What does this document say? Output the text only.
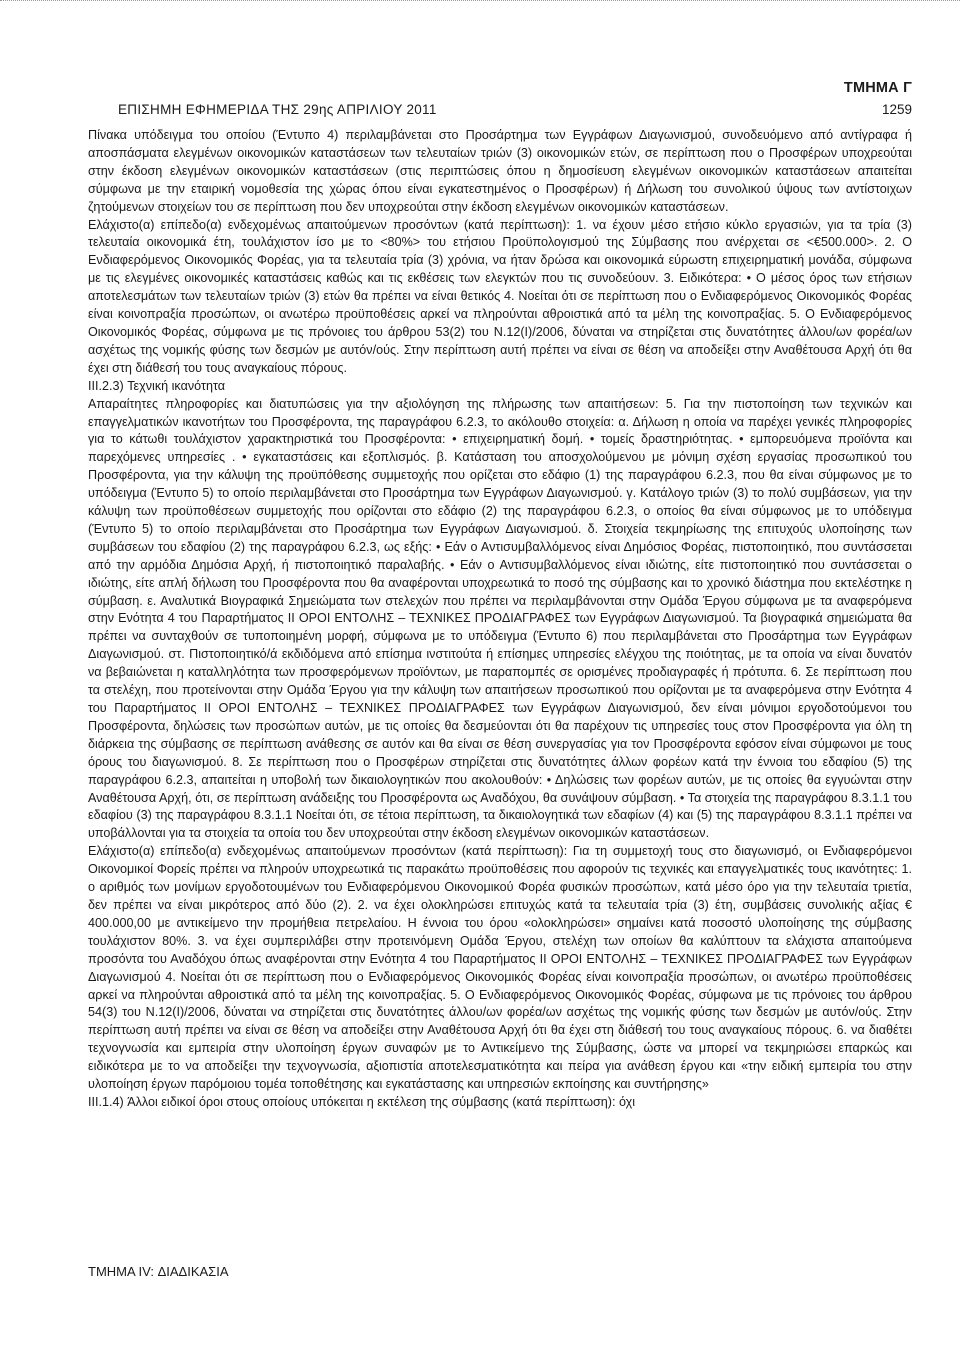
ΤΜΗΜΑ Γ
ΕΠΙΣΗΜΗ ΕΦΗΜΕΡΙΔΑ ΤΗΣ 29ης ΑΠΡΙΛΙΟΥ 2011	1259

Πίνακα υπόδειγμα του οποίου (Έντυπο 4) περιλαμβάνεται στο Προσάρτημα των Εγγράφων Διαγωνισμού, συνοδευόμενο από αντίγραφα ή αποσπάσματα ελεγμένων οικονομικών καταστάσεων των τελευταίων τριών (3) οικονομικών ετών, σε περίπτωση που ο Προσφέρων υποχρεούται στην έκδοση ελεγμένων οικονομικών καταστάσεων (στις περιπτώσεις όπου η δημοσίευση ελεγμένων οικονομικών καταστάσεων απαιτείται σύμφωνα με την εταιρική νομοθεσία της χώρας όπου είναι εγκατεστημένος ο Προσφέρων) ή Δήλωση του συνολικού ύψους των αντίστοιχων ζητούμενων στοιχείων του σε περίπτωση που δεν υποχρεούται στην έκδοση ελεγμένων οικονομικών καταστάσεων.

Ελάχιστο(α) επίπεδο(α) ενδεχομένως απαιτούμενων προσόντων (κατά περίπτωση): 1. να έχουν μέσο ετήσιο κύκλο εργασιών, για τα τρία (3) τελευταία οικονομικά έτη, τουλάχιστον ίσο με το <80%> του ετήσιου Προϋπολογισμού της Σύμβασης που ανέρχεται σε <€500.000>. 2. Ο Ενδιαφερόμενος Οικονομικός Φορέας, για τα τελευταία τρία (3) χρόνια, να ήταν δρώσα και οικονομικά εύρωστη επιχειρηματική μονάδα, σύμφωνα με τις ελεγμένες οικονομικές καταστάσεις καθώς και τις εκθέσεις των ελεγκτών που τις συνοδεύουν. 3. Ειδικότερα: • Ο μέσος όρος των ετήσιων αποτελεσμάτων των τελευταίων τριών (3) ετών θα πρέπει να είναι θετικός 4. Νοείται ότι σε περίπτωση που ο Ενδιαφερόμενος Οικονομικός Φορέας είναι κοινοπραξία προσώπων, οι ανωτέρω προϋποθέσεις αρκεί να πληρούνται αθροιστικά από τα μέλη της κοινοπραξίας. 5. Ο Ενδιαφερόμενος Οικονομικός Φορέας, σύμφωνα με τις πρόνοιες του άρθρου 53(2) του N.12(I)/2006, δύναται να στηρίζεται στις δυνατότητες άλλου/ων φορέα/ων ασχέτως της νομικής φύσης των δεσμών με αυτόν/ούς. Στην περίπτωση αυτή πρέπει να είναι σε θέση να αποδείξει στην Αναθέτουσα Αρχή ότι θα έχει στη διάθεσή του τους αναγκαίους πόρους.

III.2.3) Τεχνική ικανότητα

Απαραίτητες πληροφορίες και διατυπώσεις για την αξιολόγηση της πλήρωσης των απαιτήσεων: 5. Για την πιστοποίηση των τεχνικών και επαγγελματικών ικανοτήτων του Προσφέροντα, της παραγράφου 6.2.3, το ακόλουθο στοιχεία: α. Δήλωση η οποία να παρέχει γενικές πληροφορίες για το κάτωθι τουλάχιστον χαρακτηριστικά του Προσφέροντα: • επιχειρηματική δομή. • τομείς δραστηριότητας. • εμπορευόμενα προϊόντα και παρεχόμενες υπηρεσίες . • εγκαταστάσεις και εξοπλισμός. β. Κατάσταση του αποσχολούμενου με μόνιμη σχέση εργασίας προσωπικού του Προσφέροντα, για την κάλυψη της προϋπόθεσης συμμετοχής που ορίζεται στο εδάφιο (1) της παραγράφου 6.2.3, που θα είναι σύμφωνος με το υπόδειγμα (Έντυπο 5) το οποίο περιλαμβάνεται στο Προσάρτημα των Εγγράφων Διαγωνισμού. γ. Κατάλογο τριών (3) το πολύ συμβάσεων, για την κάλυψη των προϋποθέσεων συμμετοχής που ορίζονται στο εδάφιο (2) της παραγράφου 6.2.3, ο οποίος θα είναι σύμφωνος με το υπόδειγμα (Έντυπο 5) το οποίο περιλαμβάνεται στο Προσάρτημα των Εγγράφων Διαγωνισμού. δ. Στοιχεία τεκμηρίωσης της επιτυχούς υλοποίησης των συμβάσεων του εδαφίου (2) της παραγράφου 6.2.3, ως εξής: • Εάν ο Αντισυμβαλλόμενος είναι Δημόσιος Φορέας, πιστοποιητικό, που συντάσσεται από την αρμόδια Δημόσια Αρχή, ή πιστοποιητικό παραλαβής. • Εάν ο Αντισυμβαλλόμενος είναι ιδιώτης, είτε πιστοποιητικό που συντάσσεται ο ιδιώτης, είτε απλή δήλωση του Προσφέροντα που θα αναφέρονται υποχρεωτικά το ποσό της σύμβασης και το χρονικό διάστημα που εκτελέστηκε η σύμβαση. ε. Αναλυτικά Βιογραφικά Σημειώματα των στελεχών που πρέπει να περιλαμβάνονται στην Ομάδα Έργου σύμφωνα με τα αναφερόμενα στην Ενότητα 4 του Παραρτήματος II ΟΡΟΙ ΕΝΤΟΛΗΣ – ΤΕΧΝΙΚΕΣ ΠΡΟΔΙΑΓΡΑΦΕΣ των Εγγράφων Διαγωνισμού. Τα βιογραφικά σημειώματα θα πρέπει να συνταχθούν σε τυποποιημένη μορφή, σύμφωνα με το υπόδειγμα (Έντυπο 6) που περιλαμβάνεται στο Προσάρτημα των Εγγράφων Διαγωνισμού. στ. Πιστοποιητικό/ά εκδιδόμενα από επίσημα ινστιτούτα ή επίσημες υπηρεσίες ελέγχου της ποιότητας, με τα οποία να είναι δυνατόν να βεβαιώνεται η καταλληλότητα των προσφερόμενων προϊόντων, με παραπομπές σε ορισμένες προδιαγραφές ή πρότυπα. 6. Σε περίπτωση που τα στελέχη, που προτείνονται στην Ομάδα Έργου για την κάλυψη των απαιτήσεων προσωπικού που ορίζονται με τα αναφερόμενα στην Ενότητα 4 του Παραρτήματος II ΟΡΟΙ ΕΝΤΟΛΗΣ – ΤΕΧΝΙΚΕΣ ΠΡΟΔΙΑΓΡΑΦΕΣ των Εγγράφων Διαγωνισμού, δεν είναι μόνιμοι εργοδοτούμενοι του Προσφέροντα, δηλώσεις των προσώπων αυτών, με τις οποίες θα δεσμεύονται ότι θα παρέχουν τις υπηρεσίες τους στον Προσφέροντα για όλη τη διάρκεια της σύμβασης σε περίπτωση ανάθεσης σε αυτόν και θα είναι σε θέση συνεργασίας για τον Προσφέροντα εφόσον είναι σύμφωνοι με τους όρους του διαγωνισμού. 8. Σε περίπτωση που ο Προσφέρων στηρίζεται στις δυνατότητες άλλων φορέων κατά την έννοια του εδαφίου (5) της παραγράφου 6.2.3, απαιτείται η υποβολή των δικαιολογητικών που ακολουθούν: • Δηλώσεις των φορέων αυτών, με τις οποίες θα εγγυώνται στην Αναθέτουσα Αρχή, ότι, σε περίπτωση ανάδειξης του Προσφέροντα ως Αναδόχου, θα συνάψουν σύμβαση. • Τα στοιχεία της παραγράφου 8.3.1.1 του εδαφίου (3) της παραγράφου 8.3.1.1 Νοείται ότι, σε τέτοια περίπτωση, τα δικαιολογητικά των εδαφίων (4) και (5) της παραγράφου 8.3.1.1 πρέπει να υποβάλλονται για τα στοιχεία τα οποία του δεν υποχρεούται στην έκδοση ελεγμένων οικονομικών καταστάσεων.

Ελάχιστο(α) επίπεδο(α) ενδεχομένως απαιτούμενων προσόντων (κατά περίπτωση): Για τη συμμετοχή τους στο διαγωνισμό, οι Ενδιαφερόμενοι Οικονομικοί Φορείς πρέπει να πληρούν υποχρεωτικά τις παρακάτω προϋποθέσεις που αφορούν τις τεχνικές και επαγγελματικές τους ικανότητες: 1. ο αριθμός των μονίμων εργοδοτουμένων του Ενδιαφερόμενου Οικονομικού Φορέα φυσικών προσώπων, κατά μέσο όρο για την τελευταία τριετία, δεν πρέπει να είναι μικρότερος από δύο (2). 2. να έχει ολοκληρώσει επιτυχώς κατά τα τελευταία τρία (3) έτη, συμβάσεις συνολικής αξίας € 400.000,00 με αντικείμενο την προμήθεια πετρελαίου. Η έννοια του όρου «ολοκληρώσει» σημαίνει κατά ποσοστό υλοποίησης της σύμβασης τουλάχιστον 80%. 3. να έχει συμπεριλάβει στην προτεινόμενη Ομάδα Έργου, στελέχη των οποίων θα καλύπτουν τα ελάχιστα απαιτούμενα προσόντα του Αναδόχου όπως αναφέρονται στην Ενότητα 4 του Παραρτήματος II ΟΡΟΙ ΕΝΤΟΛΗΣ – ΤΕΧΝΙΚΕΣ ΠΡΟΔΙΑΓΡΑΦΕΣ των Εγγράφων Διαγωνισμού 4. Νοείται ότι σε περίπτωση που ο Ενδιαφερόμενος Οικονομικός Φορέας είναι κοινοπραξία προσώπων, οι ανωτέρω προϋποθέσεις αρκεί να πληρούνται αθροιστικά από τα μέλη της κοινοπραξίας. 5. Ο Ενδιαφερόμενος Οικονομικός Φορέας, σύμφωνα με τις πρόνοιες του άρθρου 54(3) του N.12(I)/2006, δύναται να στηρίζεται στις δυνατότητες άλλου/ων φορέα/ων ασχέτως της νομικής φύσης των δεσμών με αυτόν/ούς. Στην περίπτωση αυτή πρέπει να είναι σε θέση να αποδείξει στην Αναθέτουσα Αρχή ότι θα έχει στη διάθεσή του τους αναγκαίους πόρους. 6. να διαθέτει τεχνογνωσία και εμπειρία στην υλοποίηση έργων συναφών με το Αντικείμενο της Σύμβασης, ώστε να μπορεί να τεκμηριώσει επαρκώς και ειδικότερα με το να αποδείξει την τεχνογνωσία, αξιοπιστία αποτελεσματικότητα και πείρα για ανάθεση έργου και «την ειδική εμπειρία του στην υλοποίηση έργων παρόμοιου τομέα τοποθέτησης και εγκατάστασης και υπηρεσιών εκποίησης και συντήρησης»

III.1.4) Άλλοι ειδικοί όροι στους οποίους υπόκειται η εκτέλεση της σύμβασης (κατά περίπτωση): όχι

ΤΜΗΜΑ IV: ΔΙΑΔΙΚΑΣΙΑ
